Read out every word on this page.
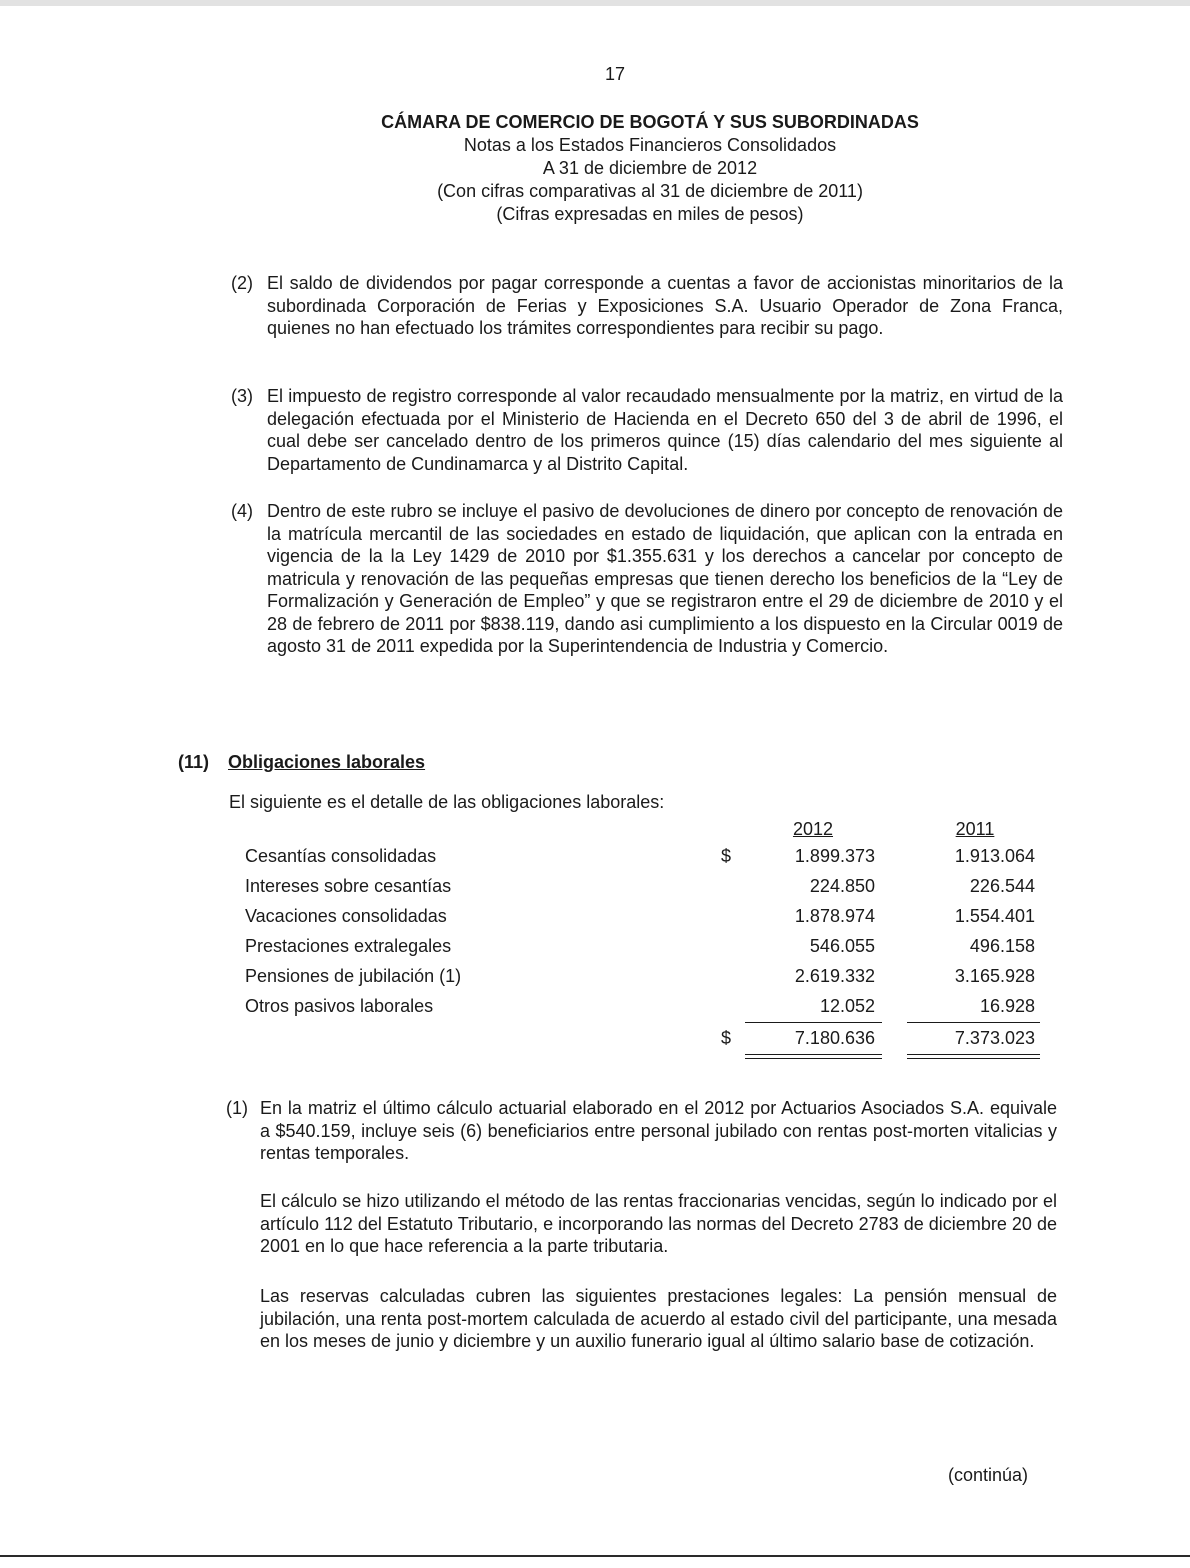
17
CÁMARA DE COMERCIO DE BOGOTÁ Y SUS SUBORDINADAS
Notas a los Estados Financieros Consolidados
A 31 de diciembre de 2012
(Con cifras comparativas al 31 de diciembre de 2011)
(Cifras expresadas en miles de pesos)
(2) El saldo de dividendos por pagar corresponde a cuentas a favor de accionistas minoritarios de la subordinada Corporación de Ferias y Exposiciones S.A. Usuario Operador de Zona Franca, quienes no han efectuado los trámites correspondientes para recibir su pago.
(3) El impuesto de registro corresponde al valor recaudado mensualmente por la matriz, en virtud de la delegación efectuada por el Ministerio de Hacienda en el Decreto 650 del 3 de abril de 1996, el cual debe ser cancelado dentro de los primeros quince (15) días calendario del mes siguiente al Departamento de Cundinamarca y al Distrito Capital.
(4) Dentro de este rubro se incluye el pasivo de devoluciones de dinero por concepto de renovación de la matrícula mercantil de las sociedades en estado de liquidación, que aplican con la entrada en vigencia de la la Ley 1429 de 2010 por $1.355.631 y los derechos a cancelar por concepto de matricula y renovación de las pequeñas empresas que tienen derecho los beneficios de la “Ley de Formalización y Generación de Empleo” y que se registraron entre el 29 de diciembre de 2010 y el 28 de febrero de 2011 por $838.119, dando asi cumplimiento a los dispuesto en la Circular 0019 de agosto 31 de 2011 expedida por la Superintendencia de Industria y Comercio.
(11) Obligaciones laborales
El siguiente es el detalle de las obligaciones laborales:
2012	2011
Cesantías consolidadas	$	1.899.373	1.913.064
Intereses sobre cesantías	224.850	226.544
Vacaciones consolidadas	1.878.974	1.554.401
Prestaciones extralegales	546.055	496.158
Pensiones de jubilación (1)	2.619.332	3.165.928
Otros pasivos laborales	12.052	16.928
$	7.180.636	7.373.023
(1) En la matriz el último cálculo actuarial elaborado en el 2012 por Actuarios Asociados S.A. equivale a $540.159, incluye seis (6) beneficiarios entre personal jubilado con rentas post-morten vitalicias y rentas temporales.
El cálculo se hizo utilizando el método de las rentas fraccionarias vencidas, según lo indicado por el artículo 112 del Estatuto Tributario, e incorporando las normas del Decreto 2783 de diciembre 20 de 2001 en lo que hace referencia a la parte tributaria.
Las reservas calculadas cubren las siguientes prestaciones legales: La pensión mensual de jubilación, una renta post-mortem calculada de acuerdo al estado civil del participante, una mesada en los meses de junio y diciembre y un auxilio funerario igual al último salario base de cotización.
(continúa)
